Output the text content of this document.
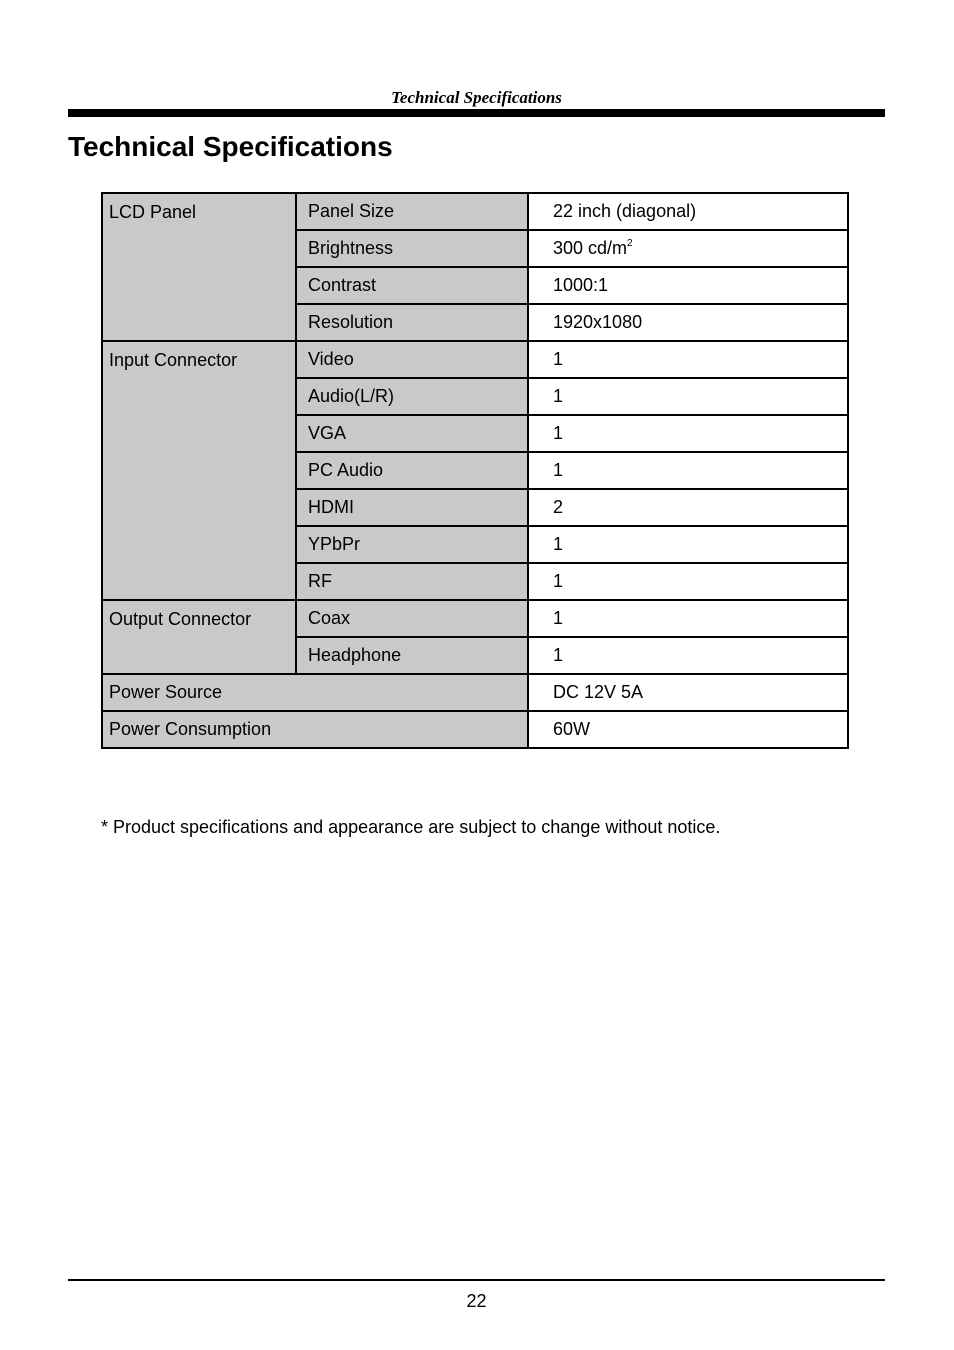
Technical Specifications
Technical Specifications
LCD Panel	Panel Size	22 inch (diagonal)
	Brightness	300 $cd/m^2$
	Contrast	1000:1
	Resolution	1920x1080
Input Connector	Video	1
	Audio(L/R)	1
	VGA	1
	PC Audio	1
	HDMI	2
	YPbPr	1
	RF	1
Output Connector	Coax	1
	Headphone	1
Power Source		DC 12V 5A
Power Consumption		60W
* Product specifications and appearance are subject to change without notice.
22
